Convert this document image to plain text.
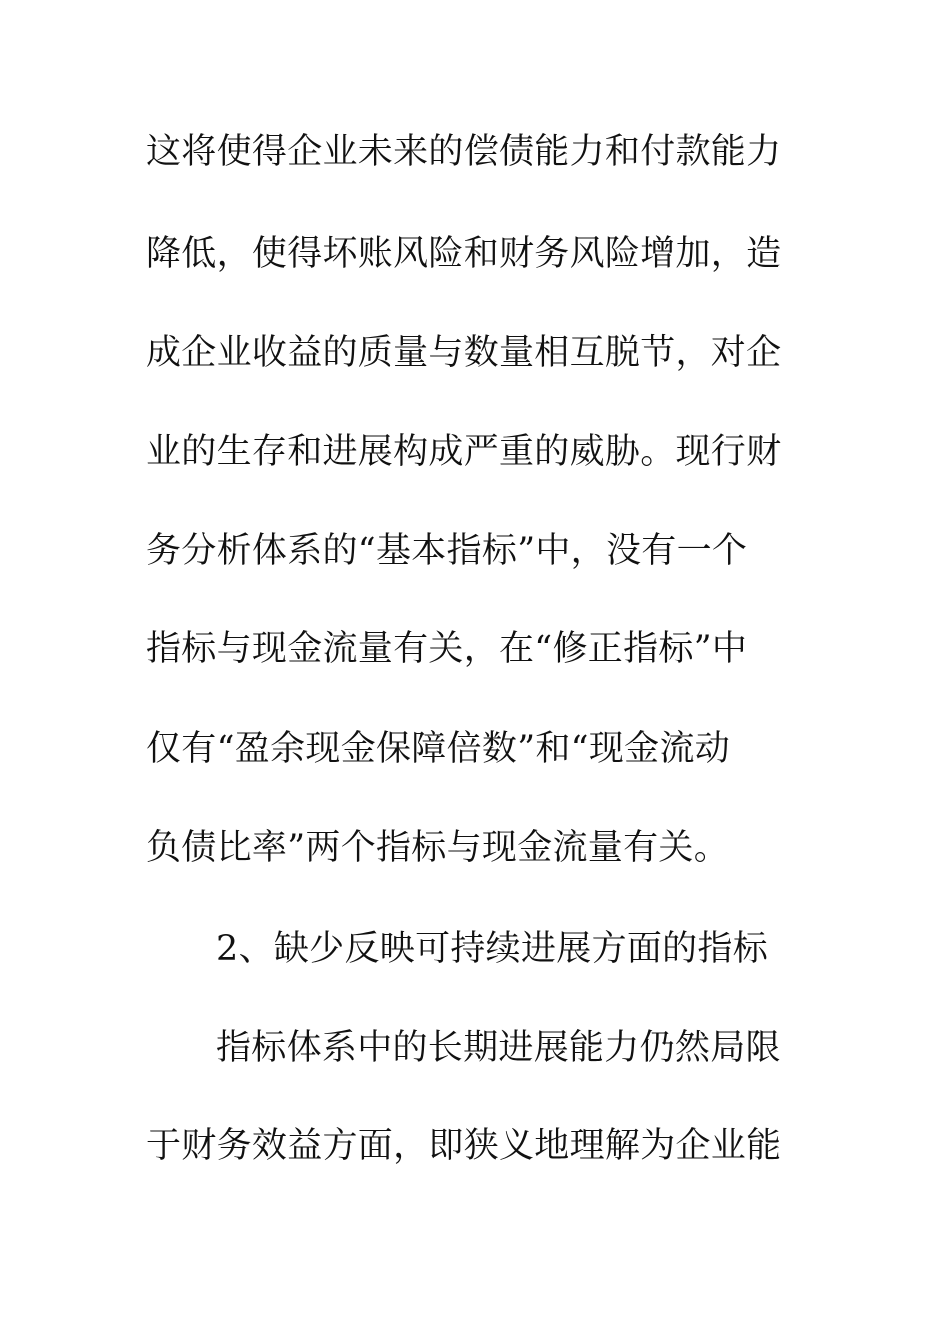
这将使得企业未来的偿债能力和付款能力
降低，使得坏账风险和财务风险增加，造
成企业收益的质量与数量相互脱节，对企
业的生存和进展构成严重的威胁。现行财
务分析体系的“基本指标”中，没有一个
指标与现金流量有关，在“修正指标”中
仅有“盈余现金保障倍数”和“现金流动
负债比率”两个指标与现金流量有关。
2、缺少反映可持续进展方面的指标
指标体系中的长期进展能力仍然局限
于财务效益方面，即狭义地理解为企业能
